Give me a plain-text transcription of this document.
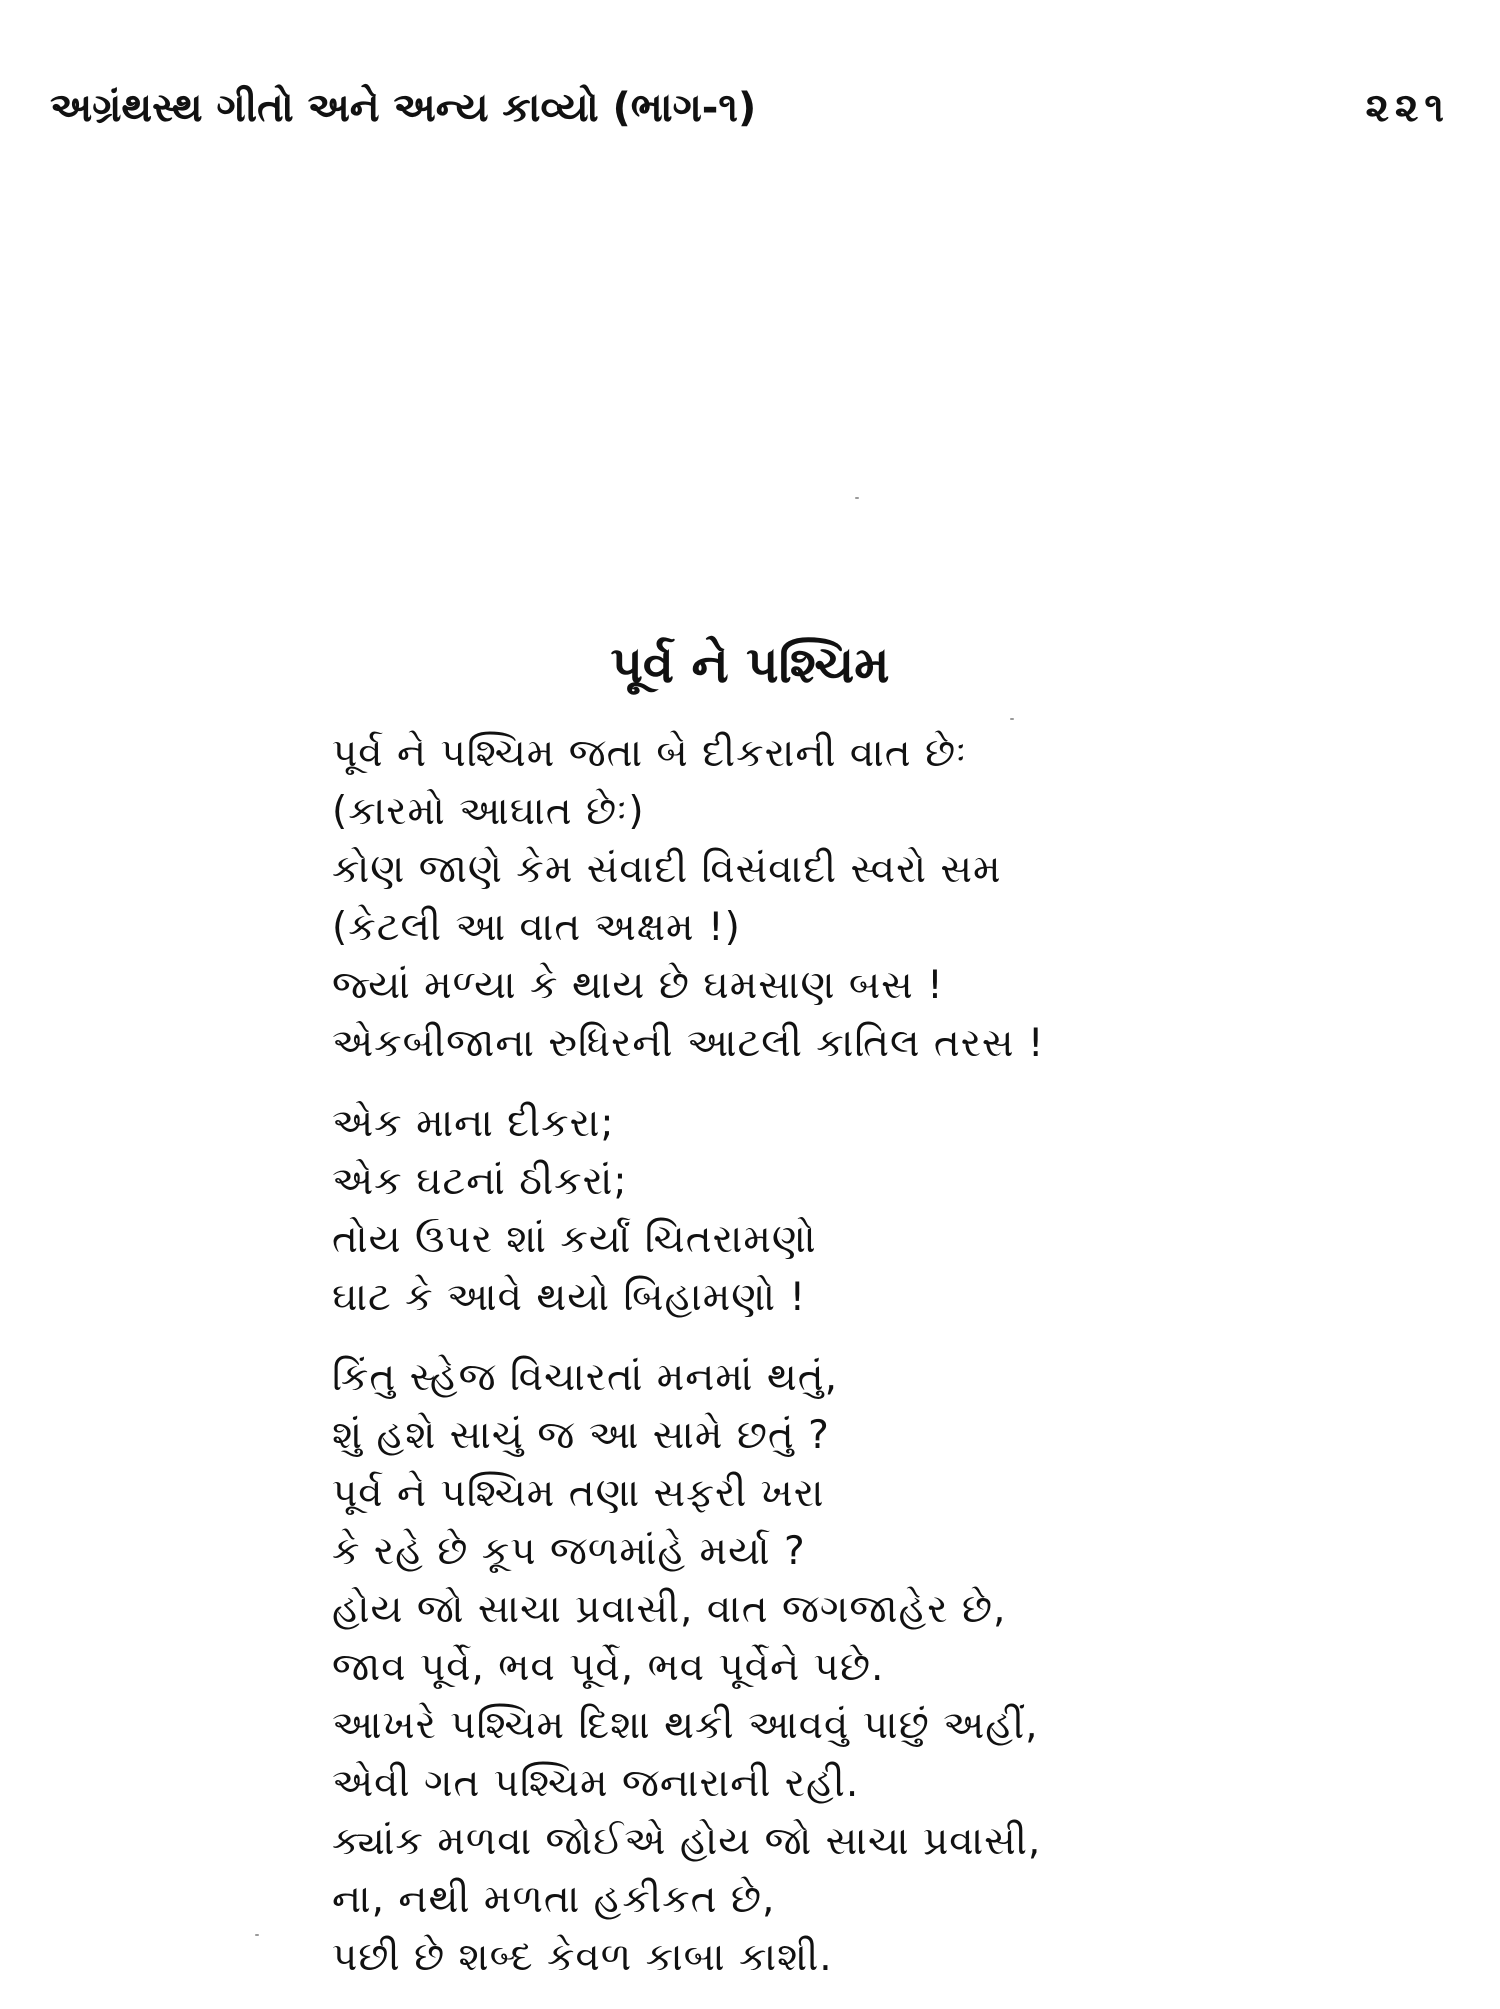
અગ્રંથસ્થ ગીતો અને અન્ય કાવ્યો (ભાગ-૧)	૨૨૧
પૂર્વ ને પશ્ચિમ
પૂર્વ ને પશ્ચિમ જતા બે દીકરાની વાત છેઃ
(કારમો આઘાત છેઃ)
કોણ જાણે કેમ સંવાદી વિસંવાદી સ્વરો સમ
(કેટલી આ વાત અક્ષમ !)
જ્યાં મળ્યા કે થાય છે ઘમસાણ બસ !
એકબીજાના રુધિરની આટલી કાતિલ તરસ !
એક માના દીકરા;
એક ઘટનાં ઠીકરાં;
તોય ઉપર શાં કર્યાં ચિતરામણો
ઘાટ કે આવે થયો બિહામણો !
કિંતુ સ્હેજ વિચારતાં મનમાં થતું,
શું હશે સાચું જ આ સામે છતું ?
પૂર્વ ને પશ્ચિમ તણા સફરી ખરા
કે રહે છે કૂપ જળમાંહે મર્યા ?
હોય જો સાચા પ્રવાસી, વાત જગજાહેર છે,
જાવ પૂર્વે, ભવ પૂર્વે, ભવ પૂર્વેને પછે.
આખરે પશ્ચિમ દિશા થકી આવવું પાછું અહીં,
એવી ગત પશ્ચિમ જનારાની રહી.
ક્યાંક મળવા જોઈએ હોય જો સાચા પ્રવાસી,
ના, નથી મળતા હકીકત છે,
પછી છે શબ્દ કેવળ કાબા કાશી.
